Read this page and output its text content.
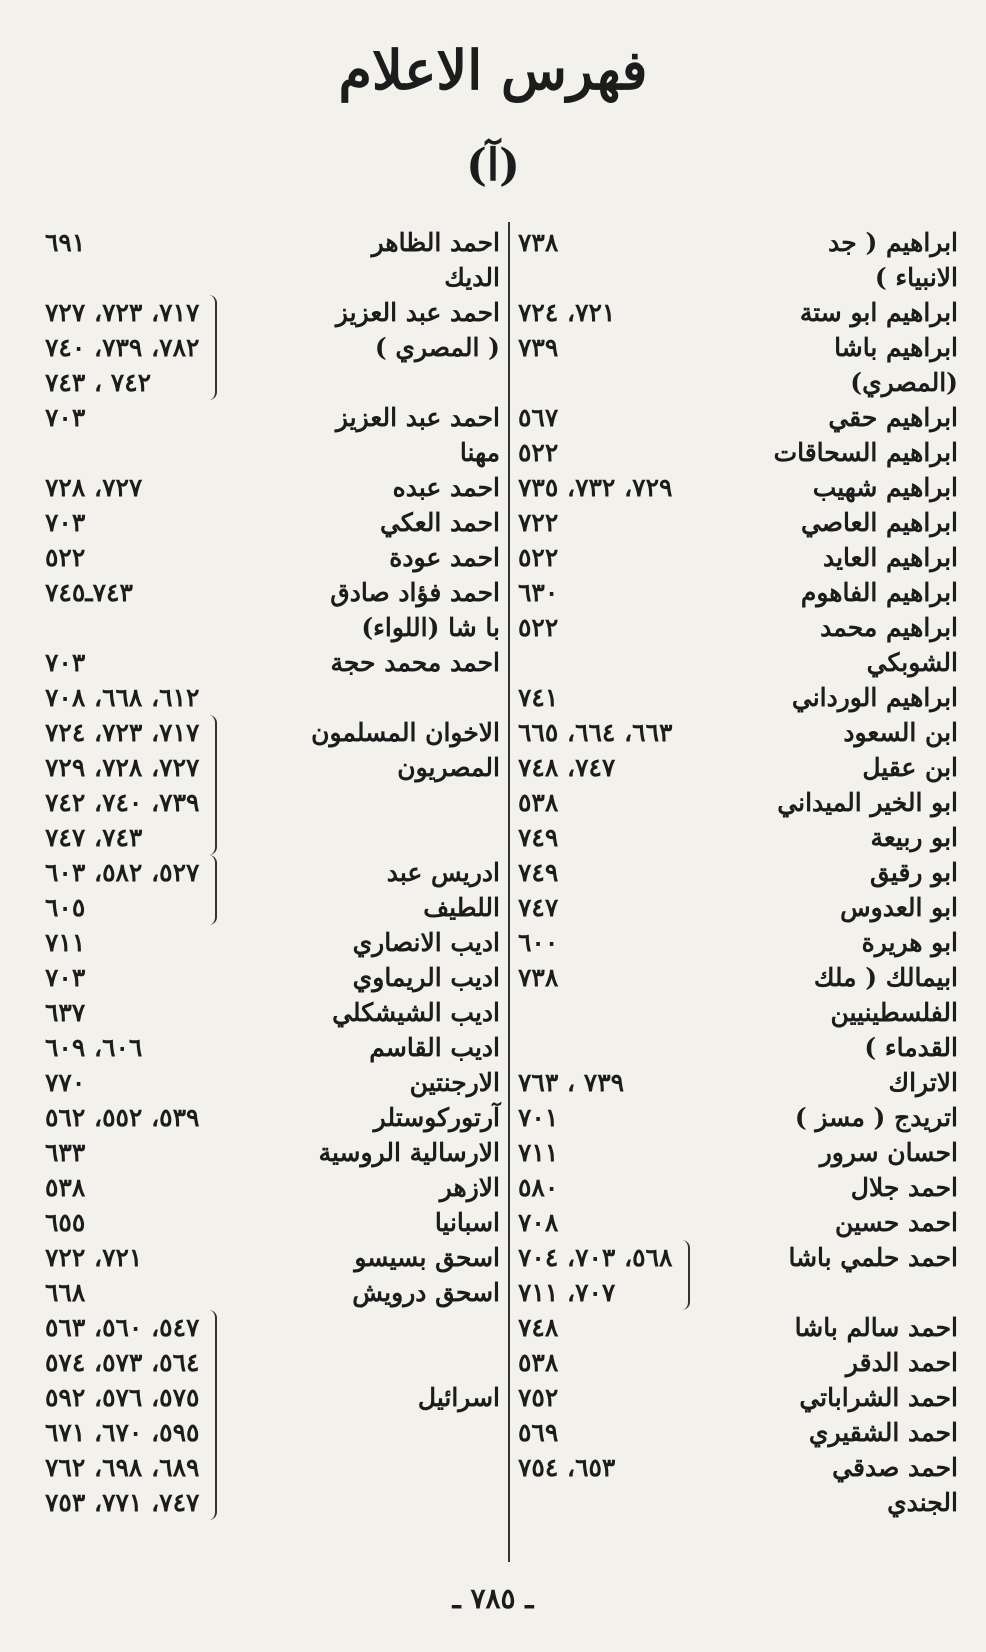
فهرس الاعلام
(آ)
ابراهيم ( جد
الانبياء )
٧٣٨
ابراهيم ابو ستة
٧٢١، ٧٢٤
ابراهيم باشا
(المصري)
٧٣٩
ابراهيم حقي
٥٦٧
ابراهيم السحاقات
٥٢٢
ابراهيم شهيب
٧٢٩، ٧٣٢، ٧٣٥
ابراهيم العاصي
٧٢٢
ابراهيم العايد
٥٢٢
ابراهيم الفاهوم
٦٣٠
ابراهيم محمد
الشوبكي
٥٢٢
ابراهيم الورداني
٧٤١
ابن السعود
٦٦٣، ٦٦٤، ٦٦٥
ابن عقيل
٧٤٧، ٧٤٨
ابو الخير الميداني
٥٣٨
ابو ربيعة
٧٤٩
ابو رقيق
٧٤٩
ابو العدوس
٧٤٧
ابو هريرة
٦٠٠
ابيمالك ( ملك
الفلسطينيين
القدماء )
٧٣٨
الاتراك
٧٣٩ ، ٧٦٣
اتريدج ( مسز )
٧٠١
احسان سرور
٧١١
احمد جلال
٥٨٠
احمد حسين
٧٠٨
احمد حلمي باشا
٥٦٨، ٧٠٣، ٧٠٤
٧٠٧، ٧١١
احمد سالم باشا
٧٤٨
احمد الدقر
٥٣٨
احمد الشراباتي
٧٥٢
احمد الشقيري
٥٦٩
احمد صدقي
الجندي
٦٥٣، ٧٥٤
احمد الظاهر
الديك
٦٩١
احمد عبد العزيز
( المصري )
٧١٧، ٧٢٣، ٧٢٧
٧٨٢، ٧٣٩، ٧٤٠
٧٤٢ ، ٧٤٣
احمد عبد العزيز
مهنا
٧٠٣
احمد عبده
٧٢٧، ٧٢٨
احمد العكي
٧٠٣
احمد عودة
٥٢٢
احمد فؤاد صادق
با شا (اللواء)
٧٤٣ـ٧٤٥
احمد محمد حجة
٧٠٣
٦١٢، ٦٦٨، ٧٠٨
الاخوان المسلمون
المصريون
٧١٧، ٧٢٣، ٧٢٤
٧٢٧، ٧٢٨، ٧٢٩
٧٣٩، ٧٤٠، ٧٤٢
٧٤٣، ٧٤٧
ادريس عبد
اللطيف
٥٢٧، ٥٨٢، ٦٠٣
٦٠٥
اديب الانصاري
٧١١
اديب الريماوي
٧٠٣
اديب الشيشكلي
٦٣٧
اديب القاسم
٦٠٦، ٦٠٩
الارجنتين
٧٧٠
آرتوركوستلر
٥٣٩، ٥٥٢، ٥٦٢
الارسالية الروسية
٦٣٣
الازهر
٥٣٨
اسبانيا
٦٥٥
اسحق بسيسو
٧٢١، ٧٢٢
اسحق درويش
٦٦٨
اسرائيل
٥٤٧، ٥٦٠، ٥٦٣
٥٦٤، ٥٧٣، ٥٧٤
٥٧٥، ٥٧٦، ٥٩٢
٥٩٥، ٦٧٠، ٦٧١
٦٨٩، ٦٩٨، ٧٦٢
٧٤٧، ٧٧١، ٧٥٣
ـ ٧٨٥ ـ
